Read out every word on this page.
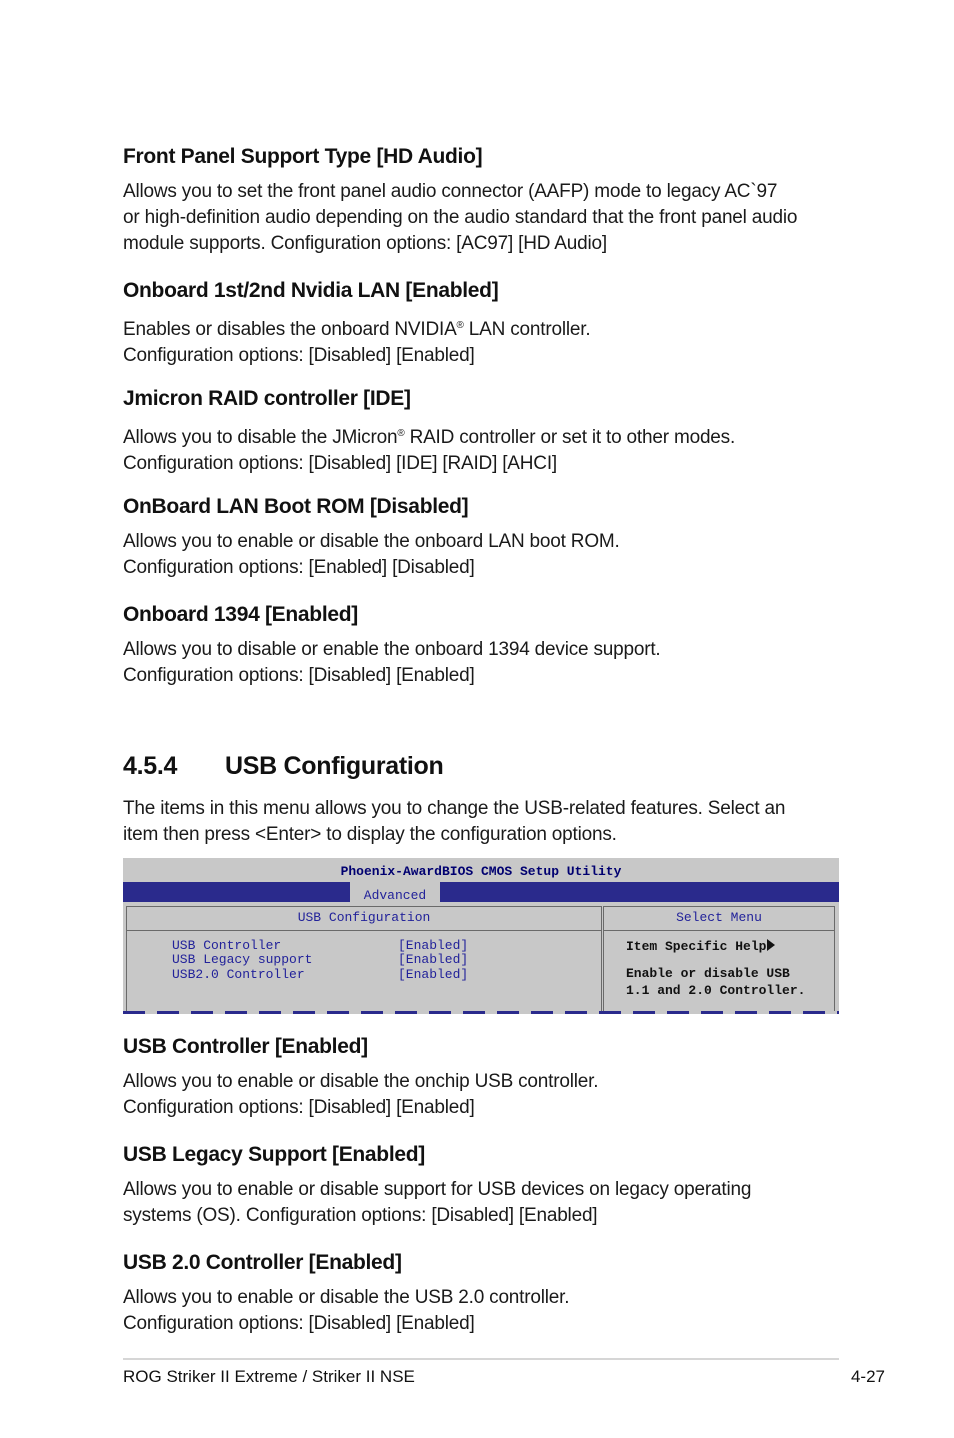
Front Panel Support Type [HD Audio]
Allows you to set the front panel audio connector (AAFP) mode to legacy AC`97
or high-definition audio depending on the audio standard that the front panel audio
module supports. Configuration options: [AC97] [HD Audio]
Onboard 1st/2nd Nvidia LAN [Enabled]
Enables or disables the onboard NVIDIA® LAN controller.
Configuration options: [Disabled] [Enabled]
Jmicron RAID controller [IDE]
Allows you to disable the JMicron® RAID controller or set it to other modes.
Configuration options: [Disabled] [IDE] [RAID] [AHCI]
OnBoard LAN Boot ROM [Disabled]
Allows you to enable or disable the onboard LAN boot ROM.
Configuration options: [Enabled] [Disabled]
Onboard 1394 [Enabled]
Allows you to disable or enable the onboard 1394 device support.
Configuration options: [Disabled] [Enabled]
4.5.4 USB Configuration
The items in this menu allows you to change the USB-related features. Select an
item then press <Enter> to display the configuration options.
Phoenix-AwardBIOS CMOS Setup Utility
Advanced
USB Configuration
USB Controller	[Enabled]
USB Legacy support	[Enabled]
USB2.0 Controller	[Enabled]
Select Menu
Item Specific Help
Enable or disable USB
1.1 and 2.0 Controller.
USB Controller [Enabled]
Allows you to enable or disable the onchip USB controller.
Configuration options: [Disabled] [Enabled]
USB Legacy Support [Enabled]
Allows you to enable or disable support for USB devices on legacy operating
systems (OS). Configuration options: [Disabled] [Enabled]
USB 2.0 Controller [Enabled]
Allows you to enable or disable the USB 2.0 controller.
Configuration options: [Disabled] [Enabled]
ROG Striker II Extreme / Striker II NSE	4-27
